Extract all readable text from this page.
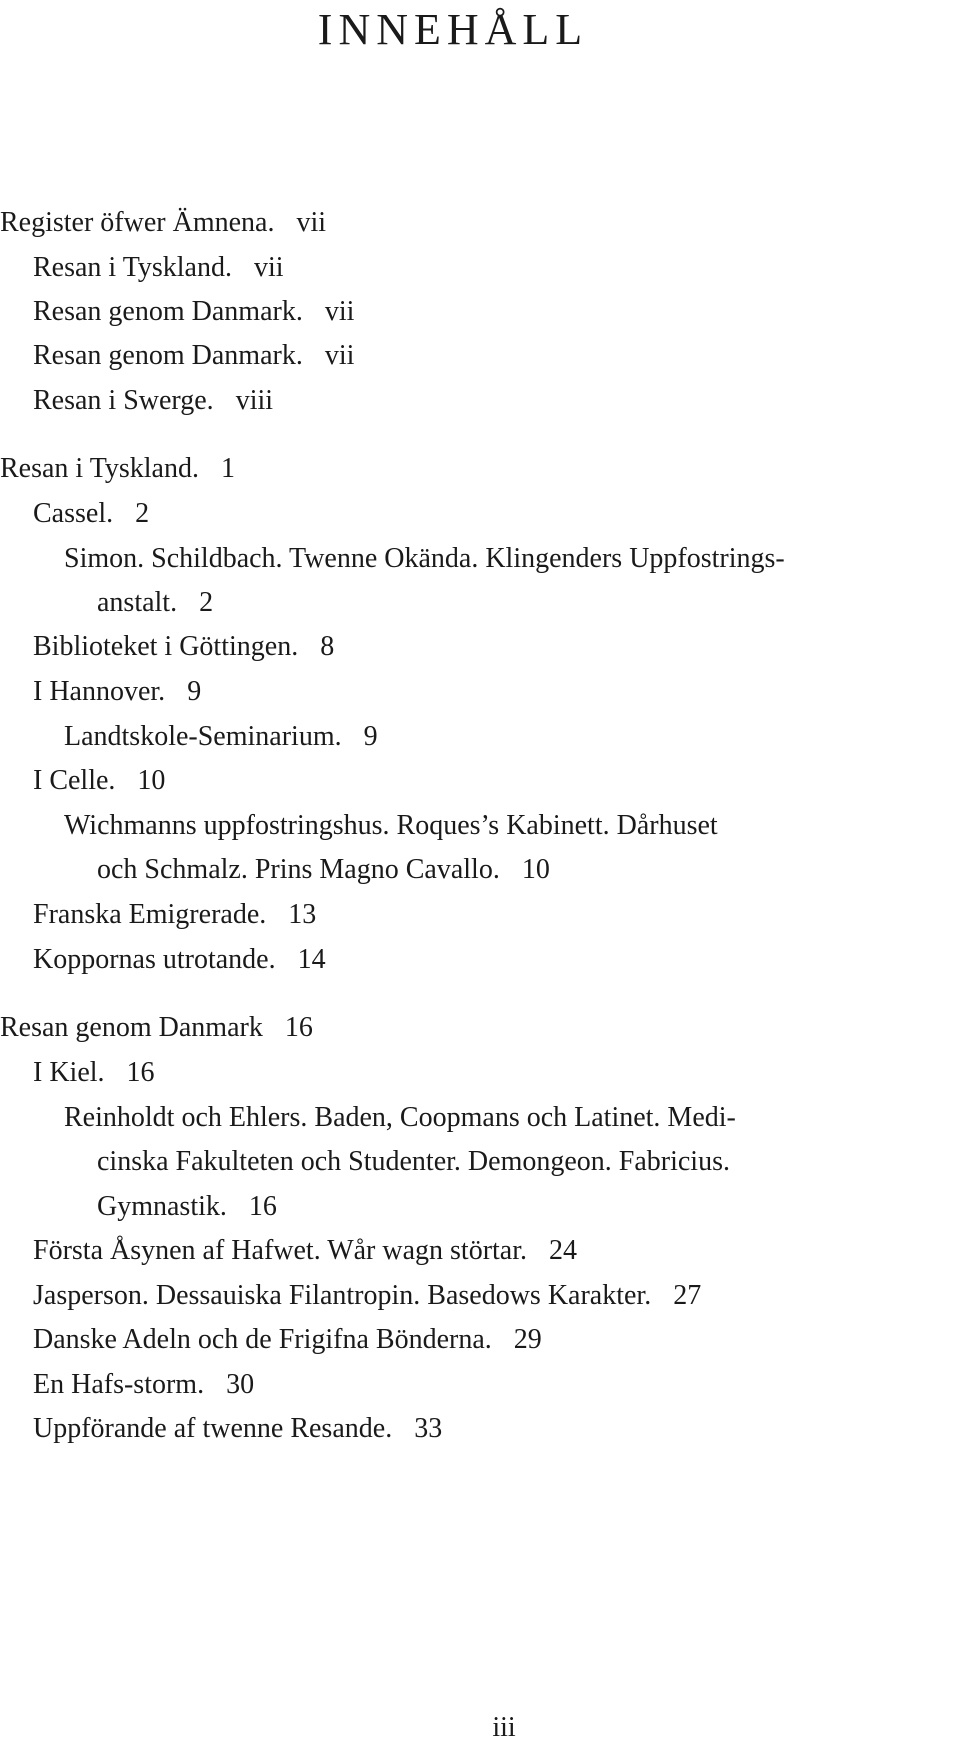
INNEHÅLL
Register öfwer Ämnena. vii
Resan i Tyskland. vii
Resan genom Danmark. vii
Resan genom Danmark. vii
Resan i Swerge. viii
Resan i Tyskland. 1
Cassel. 2
Simon. Schildbach. Twenne Okända. Klingenders Uppfostrings-
anstalt. 2
Biblioteket i Göttingen. 8
I Hannover. 9
Landtskole-Seminarium. 9
I Celle. 10
Wichmanns uppfostringshus. Roques’s Kabinett. Dårhuset
och Schmalz. Prins Magno Cavallo. 10
Franska Emigrerade. 13
Koppornas utrotande. 14
Resan genom Danmark 16
I Kiel. 16
Reinholdt och Ehlers. Baden, Coopmans och Latinet. Medi-
cinska Fakulteten och Studenter. Demongeon. Fabricius.
Gymnastik. 16
Första Åsynen af Hafwet. Wår wagn störtar. 24
Jasperson. Dessauiska Filantropin. Basedows Karakter. 27
Danske Adeln och de Frigifna Bönderna. 29
En Hafs-storm. 30
Uppförande af twenne Resande. 33
iii
